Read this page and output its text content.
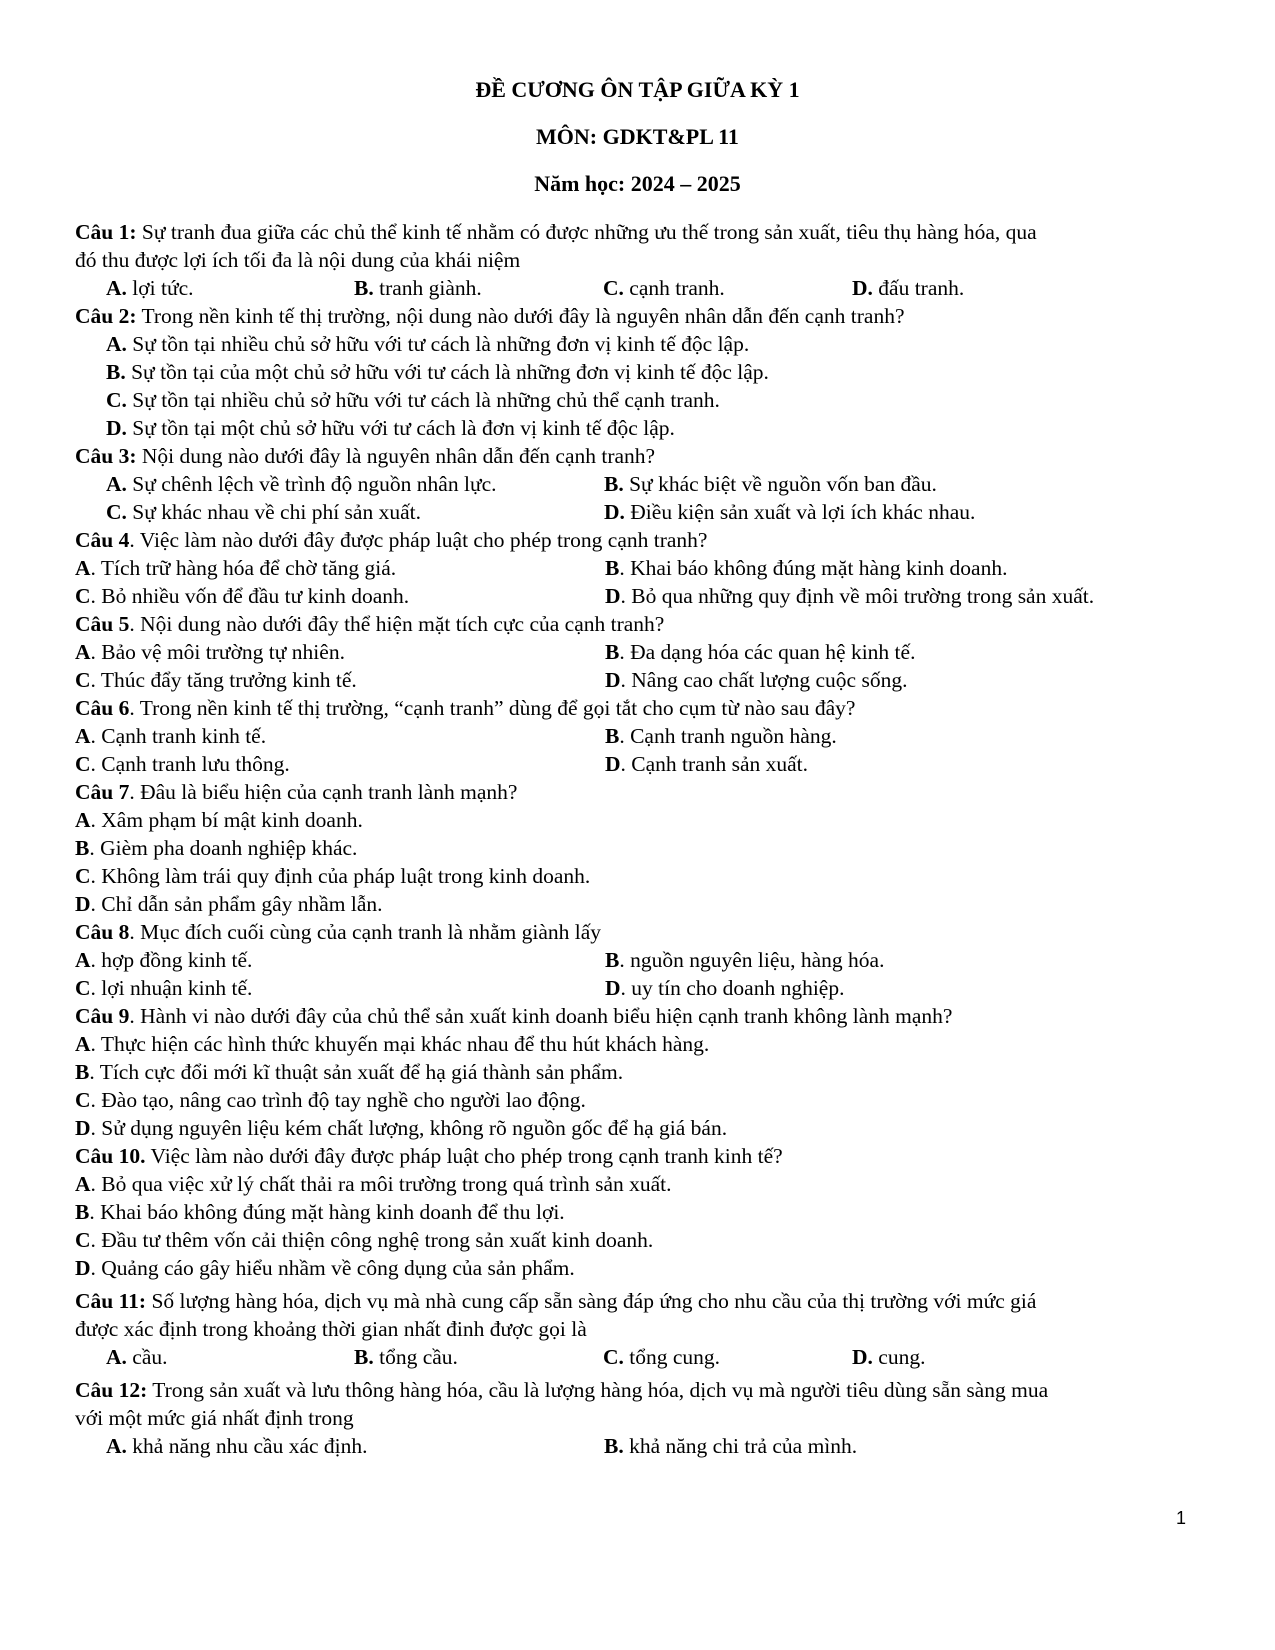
ĐỀ CƯƠNG ÔN TẬP GIỮA KỲ 1
MÔN: GDKT&PL 11
Năm học: 2024 – 2025
Câu 1: Sự tranh đua giữa các chủ thể kinh tế nhằm có được những ưu thế trong sản xuất, tiêu thụ hàng hóa, qua
đó thu được lợi ích tối đa là nội dung của khái niệm
A. lợi tức.	B. tranh giành.	C. cạnh tranh.	D. đấu tranh.
Câu 2: Trong nền kinh tế thị trường, nội dung nào dưới đây là nguyên nhân dẫn đến cạnh tranh?
A. Sự tồn tại nhiều chủ sở hữu với tư cách là những đơn vị kinh tế độc lập.
B. Sự tồn tại của một chủ sở hữu với tư cách là những đơn vị kinh tế độc lập.
C. Sự tồn tại nhiều chủ sở hữu với tư cách là những chủ thể cạnh tranh.
D. Sự tồn tại một chủ sở hữu với tư cách là đơn vị kinh tế độc lập.
Câu 3: Nội dung nào dưới đây là nguyên nhân dẫn đến cạnh tranh?
A. Sự chênh lệch về trình độ nguồn nhân lực.	B. Sự khác biệt về nguồn vốn ban đầu.
C. Sự khác nhau về chi phí sản xuất.	D. Điều kiện sản xuất và lợi ích khác nhau.
Câu 4. Việc làm nào dưới đây được pháp luật cho phép trong cạnh tranh?
A. Tích trữ hàng hóa để chờ tăng giá.	B. Khai báo không đúng mặt hàng kinh doanh.
C. Bỏ nhiều vốn để đầu tư kinh doanh.	D. Bỏ qua những quy định về môi trường trong sản xuất.
Câu 5. Nội dung nào dưới đây thể hiện mặt tích cực của cạnh tranh?
A. Bảo vệ môi trường tự nhiên.	B. Đa dạng hóa các quan hệ kinh tế.
C. Thúc đẩy tăng trưởng kinh tế.	D. Nâng cao chất lượng cuộc sống.
Câu 6. Trong nền kinh tế thị trường, “cạnh tranh” dùng để gọi tắt cho cụm từ nào sau đây?
A. Cạnh tranh kinh tế.	B. Cạnh tranh nguồn hàng.
C. Cạnh tranh lưu thông.	D. Cạnh tranh sản xuất.
Câu 7. Đâu là biểu hiện của cạnh tranh lành mạnh?
A. Xâm phạm bí mật kinh doanh.
B. Gièm pha doanh nghiệp khác.
C. Không làm trái quy định của pháp luật trong kinh doanh.
D. Chỉ dẫn sản phẩm gây nhầm lẫn.
Câu 8. Mục đích cuối cùng của cạnh tranh là nhằm giành lấy
A. hợp đồng kinh tế.	B. nguồn nguyên liệu, hàng hóa.
C. lợi nhuận kinh tế.	D. uy tín cho doanh nghiệp.
Câu 9. Hành vi nào dưới đây của chủ thể sản xuất kinh doanh biểu hiện cạnh tranh không lành mạnh?
A. Thực hiện các hình thức khuyến mại khác nhau để thu hút khách hàng.
B. Tích cực đổi mới kĩ thuật sản xuất để hạ giá thành sản phẩm.
C. Đào tạo, nâng cao trình độ tay nghề cho người lao động.
D. Sử dụng nguyên liệu kém chất lượng, không rõ nguồn gốc để hạ giá bán.
Câu 10. Việc làm nào dưới đây được pháp luật cho phép trong cạnh tranh kinh tế?
A. Bỏ qua việc xử lý chất thải ra môi trường trong quá trình sản xuất.
B. Khai báo không đúng mặt hàng kinh doanh để thu lợi.
C. Đầu tư thêm vốn cải thiện công nghệ trong sản xuất kinh doanh.
D. Quảng cáo gây hiểu nhầm về công dụng của sản phẩm.
Câu 11: Số lượng hàng hóa, dịch vụ mà nhà cung cấp sẵn sàng đáp ứng cho nhu cầu của thị trường với mức giá
được xác định trong khoảng thời gian nhất đinh được gọi là
A. cầu.	B. tổng cầu.	C. tổng cung.	D. cung.
Câu 12: Trong sản xuất và lưu thông hàng hóa, cầu là lượng hàng hóa, dịch vụ mà người tiêu dùng sẵn sàng mua
với một mức giá nhất định trong
A. khả năng nhu cầu xác định.	B. khả năng chi trả của mình.
1
